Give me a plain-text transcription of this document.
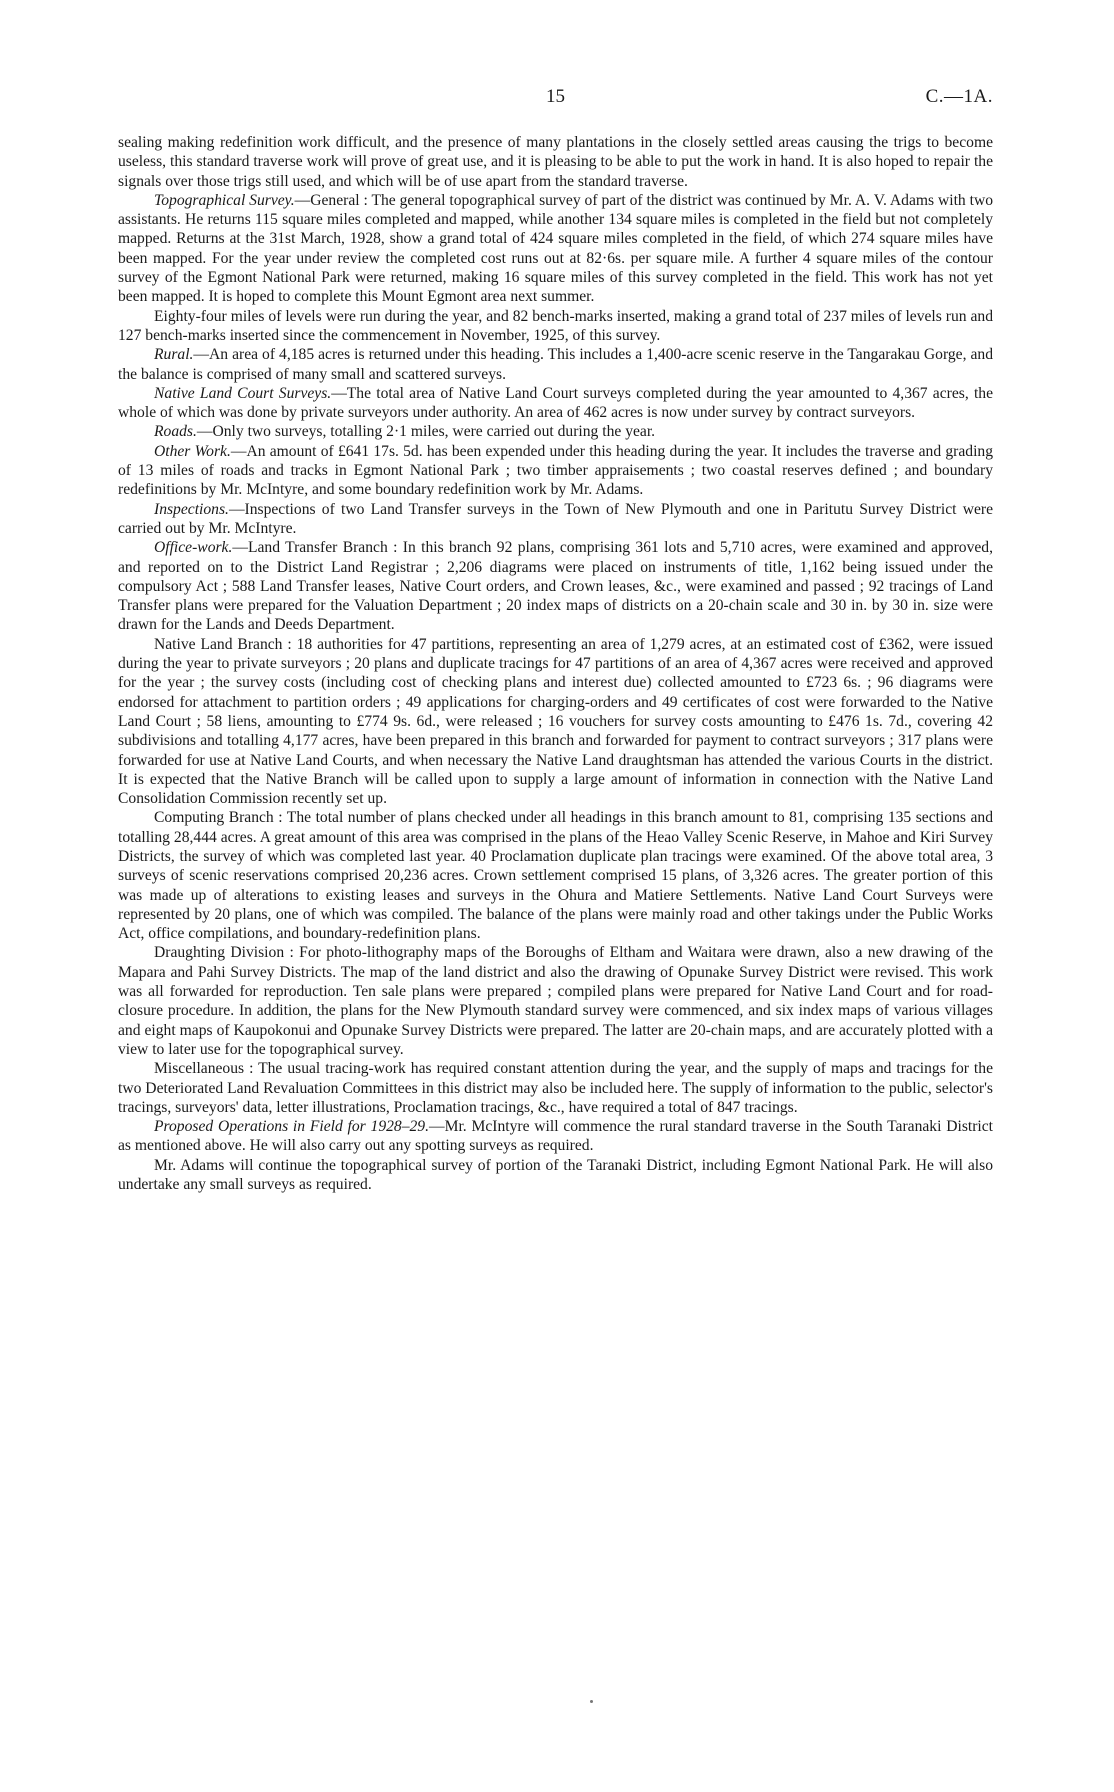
15	C.—1A.

sealing making redefinition work difficult, and the presence of many plantations in the closely settled areas causing the trigs to become useless, this standard traverse work will prove of great use, and it is pleasing to be able to put the work in hand. It is also hoped to repair the signals over those trigs still used, and which will be of use apart from the standard traverse.

Topographical Survey.—General : The general topographical survey of part of the district was continued by Mr. A. V. Adams with two assistants. He returns 115 square miles completed and mapped, while another 134 square miles is completed in the field but not completely mapped. Returns at the 31st March, 1928, show a grand total of 424 square miles completed in the field, of which 274 square miles have been mapped. For the year under review the completed cost runs out at 82·6s. per square mile. A further 4 square miles of the contour survey of the Egmont National Park were returned, making 16 square miles of this survey completed in the field. This work has not yet been mapped. It is hoped to complete this Mount Egmont area next summer.

Eighty-four miles of levels were run during the year, and 82 bench-marks inserted, making a grand total of 237 miles of levels run and 127 bench-marks inserted since the commencement in November, 1925, of this survey.

Rural.—An area of 4,185 acres is returned under this heading. This includes a 1,400-acre scenic reserve in the Tangarakau Gorge, and the balance is comprised of many small and scattered surveys.

Native Land Court Surveys.—The total area of Native Land Court surveys completed during the year amounted to 4,367 acres, the whole of which was done by private surveyors under authority. An area of 462 acres is now under survey by contract surveyors.

Roads.—Only two surveys, totalling 2·1 miles, were carried out during the year.

Other Work.—An amount of £641 17s. 5d. has been expended under this heading during the year. It includes the traverse and grading of 13 miles of roads and tracks in Egmont National Park ; two timber appraisements ; two coastal reserves defined ; and boundary redefinitions by Mr. McIntyre, and some boundary redefinition work by Mr. Adams.

Inspections.—Inspections of two Land Transfer surveys in the Town of New Plymouth and one in Paritutu Survey District were carried out by Mr. McIntyre.

Office-work.—Land Transfer Branch : In this branch 92 plans, comprising 361 lots and 5,710 acres, were examined and approved, and reported on to the District Land Registrar ; 2,206 diagrams were placed on instruments of title, 1,162 being issued under the compulsory Act ; 588 Land Transfer leases, Native Court orders, and Crown leases, &c., were examined and passed ; 92 tracings of Land Transfer plans were prepared for the Valuation Department ; 20 index maps of districts on a 20-chain scale and 30 in. by 30 in. size were drawn for the Lands and Deeds Department.

Native Land Branch : 18 authorities for 47 partitions, representing an area of 1,279 acres, at an estimated cost of £362, were issued during the year to private surveyors ; 20 plans and duplicate tracings for 47 partitions of an area of 4,367 acres were received and approved for the year ; the survey costs (including cost of checking plans and interest due) collected amounted to £723 6s. ; 96 diagrams were endorsed for attachment to partition orders ; 49 applications for charging-orders and 49 certificates of cost were forwarded to the Native Land Court ; 58 liens, amounting to £774 9s. 6d., were released ; 16 vouchers for survey costs amounting to £476 1s. 7d., covering 42 subdivisions and totalling 4,177 acres, have been prepared in this branch and forwarded for payment to contract surveyors ; 317 plans were forwarded for use at Native Land Courts, and when necessary the Native Land draughtsman has attended the various Courts in the district. It is expected that the Native Branch will be called upon to supply a large amount of information in connection with the Native Land Consolidation Commission recently set up.

Computing Branch : The total number of plans checked under all headings in this branch amount to 81, comprising 135 sections and totalling 28,444 acres. A great amount of this area was comprised in the plans of the Heao Valley Scenic Reserve, in Mahoe and Kiri Survey Districts, the survey of which was completed last year. 40 Proclamation duplicate plan tracings were examined. Of the above total area, 3 surveys of scenic reservations comprised 20,236 acres. Crown settlement comprised 15 plans, of 3,326 acres. The greater portion of this was made up of alterations to existing leases and surveys in the Ohura and Matiere Settlements. Native Land Court Surveys were represented by 20 plans, one of which was compiled. The balance of the plans were mainly road and other takings under the Public Works Act, office compilations, and boundary-redefinition plans.

Draughting Division : For photo-lithography maps of the Boroughs of Eltham and Waitara were drawn, also a new drawing of the Mapara and Pahi Survey Districts. The map of the land district and also the drawing of Opunake Survey District were revised. This work was all forwarded for reproduction. Ten sale plans were prepared ; compiled plans were prepared for Native Land Court and for road-closure procedure. In addition, the plans for the New Plymouth standard survey were commenced, and six index maps of various villages and eight maps of Kaupokonui and Opunake Survey Districts were prepared. The latter are 20-chain maps, and are accurately plotted with a view to later use for the topographical survey.

Miscellaneous : The usual tracing-work has required constant attention during the year, and the supply of maps and tracings for the two Deteriorated Land Revaluation Committees in this district may also be included here. The supply of information to the public, selector's tracings, surveyors' data, letter illustrations, Proclamation tracings, &c., have required a total of 847 tracings.

Proposed Operations in Field for 1928–29.—Mr. McIntyre will commence the rural standard traverse in the South Taranaki District as mentioned above. He will also carry out any spotting surveys as required.

Mr. Adams will continue the topographical survey of portion of the Taranaki District, including Egmont National Park. He will also undertake any small surveys as required.
